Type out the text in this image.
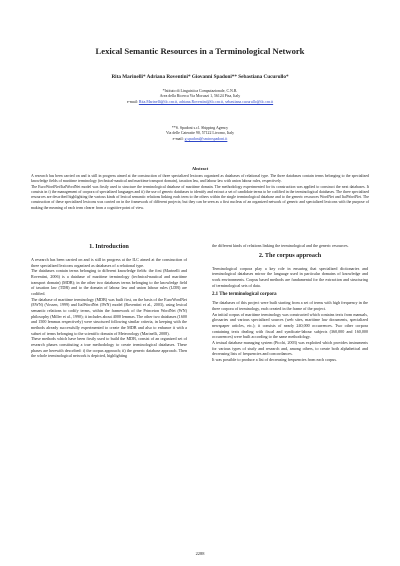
Lexical Semantic Resources in a Terminological Network
Rita Marinelli* Adriana Roventini* Giovanni Spadoni** Sebastiana Cucurullo*
*Istituto di Linguistica Computazionale, C.N.R.
Area della Ricerca Via Moruzzi 1, 56124 Pisa, Italy
e-mail: Rita.Marinelli@ilc.cnr.it, adriana.Roventini@ilc.cnr.it, sebastiana.cucurullo@ilc.cnr.it
**S. Spadoni s.r.l. Shipping Agency
Via delle Cateratte 90, 57122 Livorno, Italy
e-mail: g.spadoni@smtrospadoni.it
Abstract

A research has been carried on and is still in progress aimed at the construction of three specialized lexicons organized as databases of relational type. The three databases contain terms belonging to the specialized knowledge fields of maritime terminology (technical-nautical and maritime transport domain), taxation law, and labour law with union labour rules, respectively.

The EuroWordNet/ItalWordNet model was firstly used to structure the terminological database of maritime domain. The methodology experimented for its construction was applied to construct the next databases. It consists in i) the management of corpora of specialized languages and ii) the use of generic databases to identify and extract a set of candidate terms to be codified in the terminological databases. The three specialized resources are described highlighting the various kinds of lexical semantic relations linking each term to the others within the single terminological database and to the generic resources WordNet and ItalWordNet. The construction of these specialized lexicons was carried on in the framework of different projects; but they can be seen as a first nucleus of an organized network of generic and specialized lexicons with the purpose of making the meaning of each term clearer from a cognitive point of view.

1. Introduction

A research has been carried on and is still in progress at the ILC aimed at the construction of three specialized lexicons organized as databases of a relational type.

The databases contain terms belonging to different knowledge fields: the first (Marinelli and Roventini, 2006) is a database of maritime terminology (technical-nautical and maritime transport domain) (MDB); in the other two databases terms belonging to the knowledge field of taxation law (TDB) and to the domain of labour law and union labour rules (LDB) are codified.

The database of maritime terminology (MDB) was built first, on the basis of the EuroWordNet (EWN) (Vossen, 1999) and ItalWordNet (IWN) model (Roventini et al., 2003), using lexical semantic relations to codify terms, within the framework of the Princeton WordNet (WN) philosophy (Miller et al., 1990); it includes about 4000 lemmas. The other two databases (1600 and 1500 lemmas respectively) were structured following similar criteria, in keeping with the methods already successfully experimented to create the MDB and also to enhance it with a subset of terms belonging to the scientific domain of Meteorology (Marinelli, 2008).

These methods which have been firstly used to build the MDB, consist of an organized set of research phases constituting a true methodology to create terminological databases. These phases are herewith described: i) the corpus approach; ii) the generic database approach. Then the whole terminological network is depicted, highlighting

the different kinds of relations linking the terminological and the generic resources.

2. The corpus approach

Terminological corpora play a key role in ensuring that specialized dictionaries and terminological databases mirror the language used in particular domains of knowledge and work environments. Corpus based methods are fundamental for the extraction and structuring of terminological sets of data.

2.1 The terminological corpora

The databases of this project were built starting from a set of terms with high frequency in the three corpora of terminology, each created in the frame of the project.

An initial corpus of maritime terminology was constructed which contains texts from manuals, glossaries and various specialized sources (web sites, maritime law documents, specialized newspaper articles, etc.); it consists of nearly 240,000 occurrences. Two other corpora containing texts dealing with fiscal and syndicate-labour subjects (360,000 and 160,000 occurrences) were built according to the same methodology.

A textual database managing system (Picchi, 2003) was exploited which provides instruments for various types of study and research and, among others, to create both alphabetical and decreasing lists of frequencies and concordances.

It was possible to produce a list of decreasing frequencies from each corpus.

2288
